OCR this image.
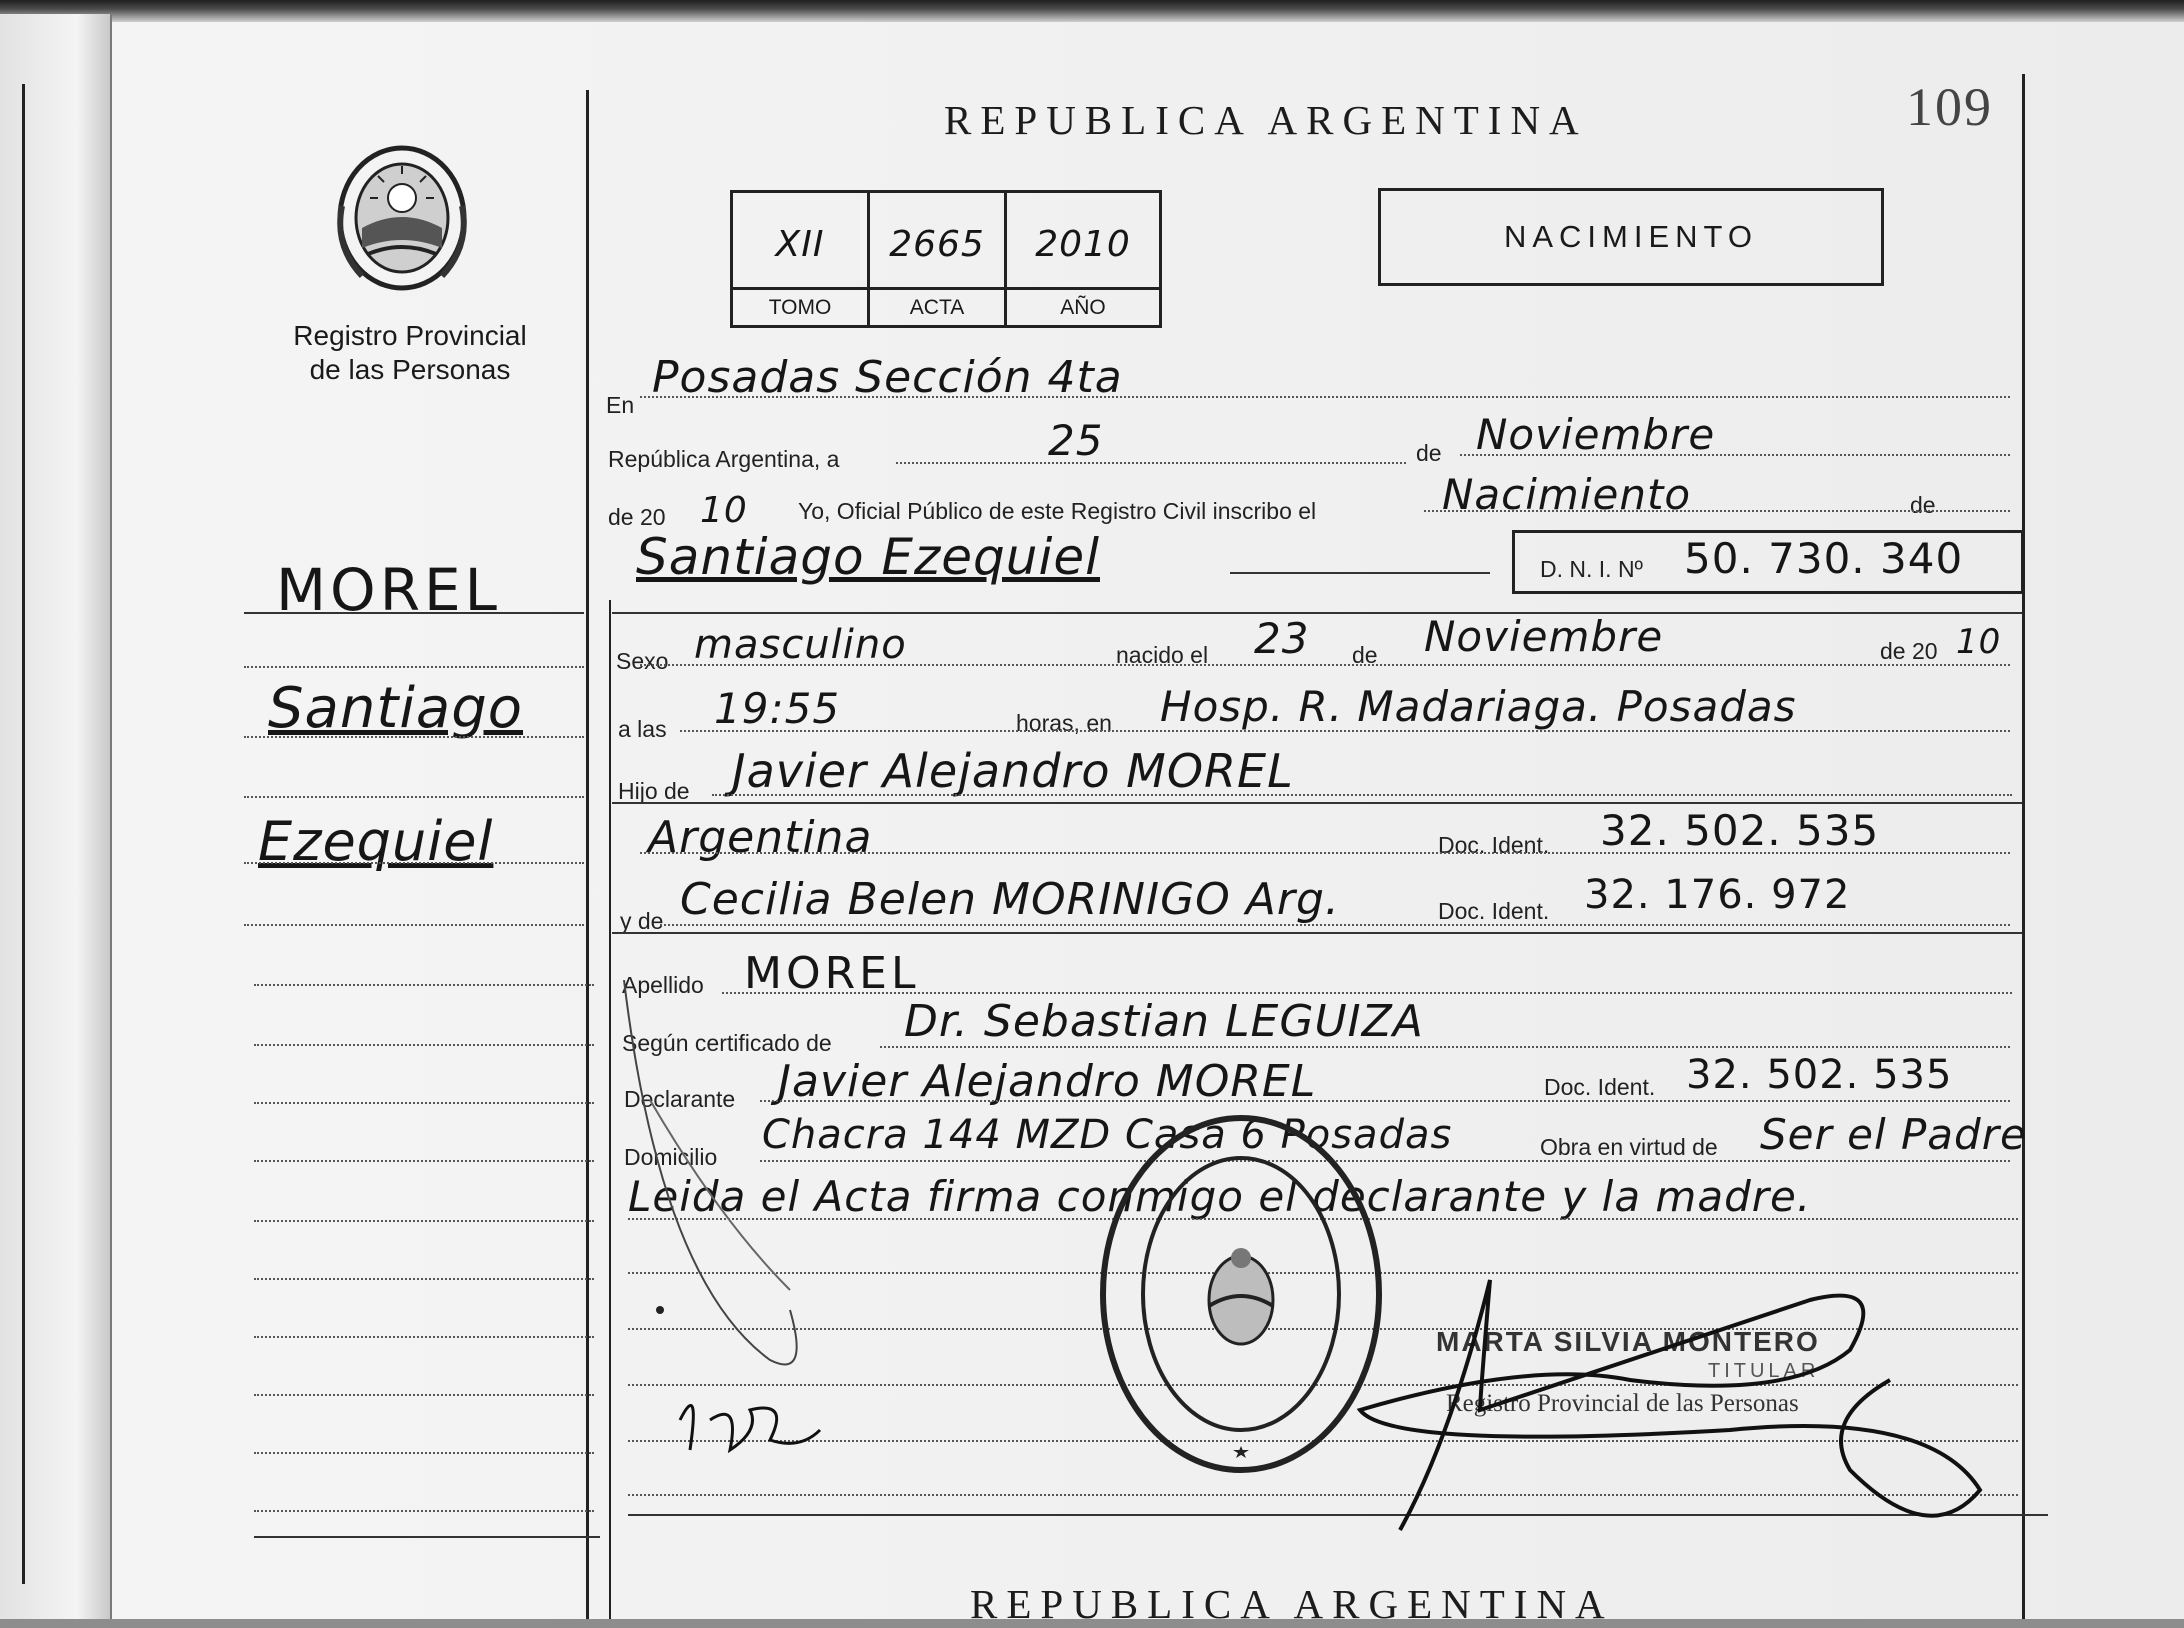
REPUBLICA ARGENTINA	109
Registro Provincial
de las Personas
XII	2665	2010
TOMO	ACTA	AÑO
NACIMIENTO
MOREL
Santiago
Ezequiel
En
Posadas Sección 4ta
República Argentina, a	25	de Noviembre
de 20 10 Yo, Oficial Público de este Registro Civil inscribo el	Nacimiento	de
Santiago Ezequiel	D. N. I. Nº 50. 730. 340
Sexo masculino	nacido el 23 de Noviembre	de 20 10
a las 19:55	horas, en Hosp. R. Madariaga. Posadas
Hijo de Javier Alejandro MOREL
Argentina	Doc. Ident. 32. 502. 535
y de Cecilia Belen MORINIGO Arg.	Doc. Ident. 32. 176. 972
Apellido MOREL
Según certificado de Dr. Sebastian LEGUIZA
Declarante Javier Alejandro MOREL	Doc. Ident. 32. 502. 535
Domicilio Chacra 144 MZD Casa 6 Posadas	Obra en virtud de Ser el Padre
Leida el Acta firma conmigo el declarante y la madre.
MARTA SILVIA MONTERO
TITULAR
Registro Provincial de las Personas
REPUBLICA ARGENTINA
